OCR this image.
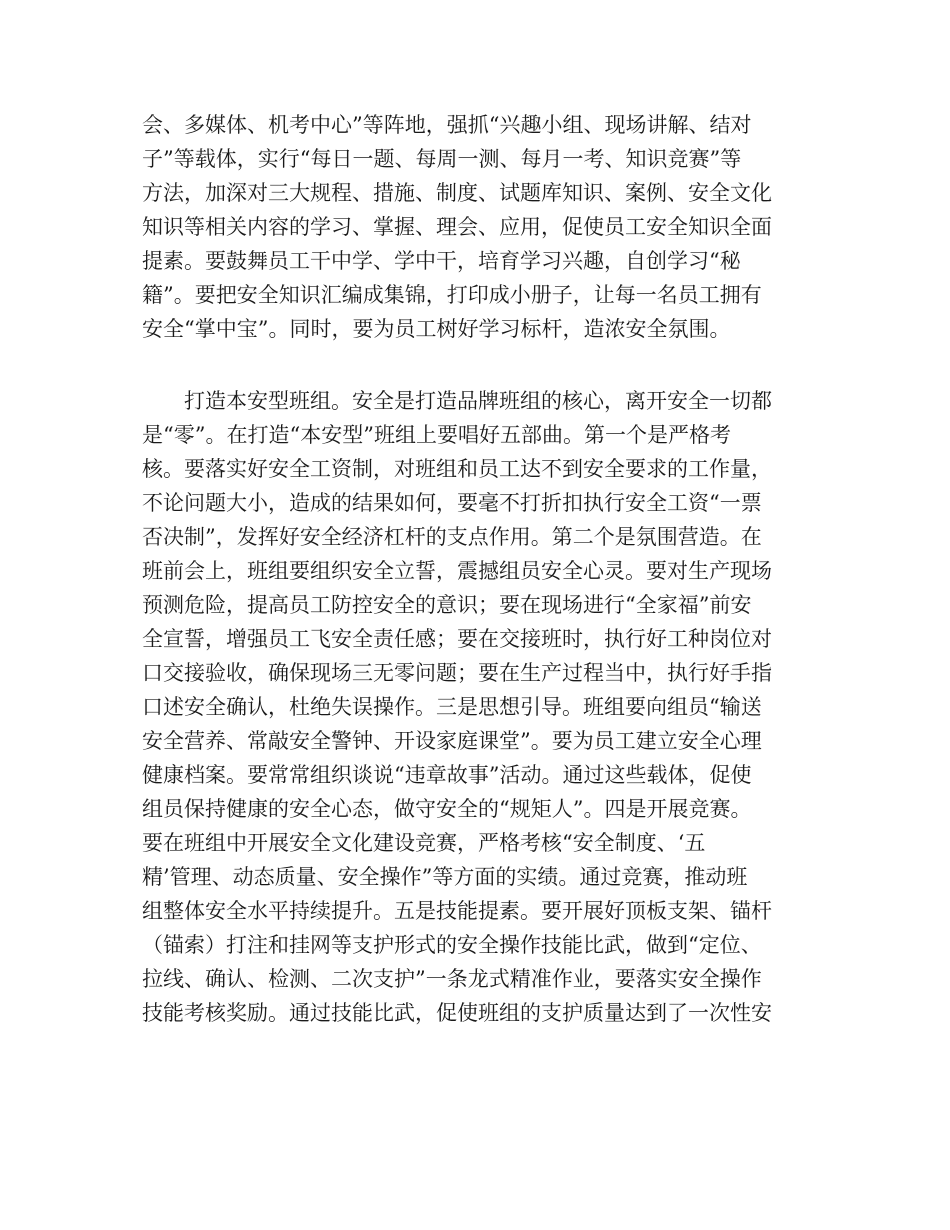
会、多媒体、机考中心”等阵地，强抓“兴趣小组、现场讲解、结对
子”等载体，实行“每日一题、每周一测、每月一考、知识竞赛”等
方法，加深对三大规程、措施、制度、试题库知识、案例、安全文化
知识等相关内容的学习、掌握、理会、应用，促使员工安全知识全面
提素。要鼓舞员工干中学、学中干，培育学习兴趣，自创学习“秘
籍”。要把安全知识汇编成集锦，打印成小册子，让每一名员工拥有
安全“掌中宝”。同时，要为员工树好学习标杆，造浓安全氛围。
打造本安型班组。安全是打造品牌班组的核心，离开安全一切都
是“零”。在打造“本安型”班组上要唱好五部曲。第一个是严格考
核。要落实好安全工资制，对班组和员工达不到安全要求的工作量，
不论问题大小，造成的结果如何，要毫不打折扣执行安全工资“一票
否决制”，发挥好安全经济杠杆的支点作用。第二个是氛围营造。在
班前会上，班组要组织安全立誓，震撼组员安全心灵。要对生产现场
预测危险，提高员工防控安全的意识；要在现场进行“全家福”前安
全宣誓，增强员工飞安全责任感；要在交接班时，执行好工种岗位对
口交接验收，确保现场三无零问题；要在生产过程当中，执行好手指
口述安全确认，杜绝失误操作。三是思想引导。班组要向组员“输送
安全营养、常敲安全警钟、开设家庭课堂”。要为员工建立安全心理
健康档案。要常常组织谈说“违章故事”活动。通过这些载体，促使
组员保持健康的安全心态，做守安全的“规矩人”。四是开展竞赛。
要在班组中开展安全文化建设竞赛，严格考核“安全制度、‘五
精’管理、动态质量、安全操作”等方面的实绩。通过竞赛，推动班
组整体安全水平持续提升。五是技能提素。要开展好顶板支架、锚杆
（锚索）打注和挂网等支护形式的安全操作技能比武，做到“定位、
拉线、确认、检测、二次支护”一条龙式精准作业，要落实安全操作
技能考核奖励。通过技能比武，促使班组的支护质量达到了一次性安
